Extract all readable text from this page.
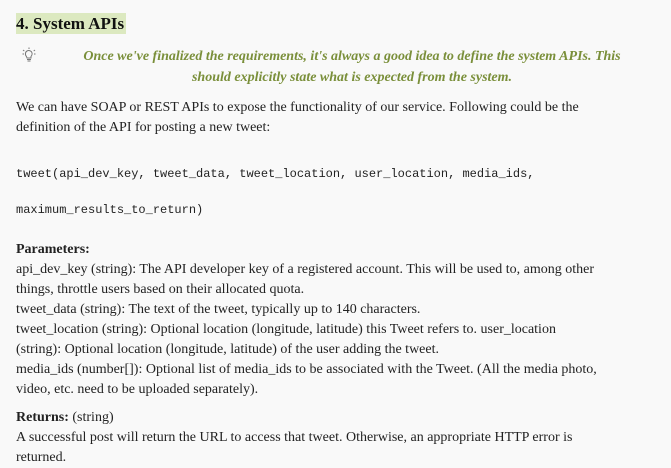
4. System APIs
Once we've finalized the requirements, it's always a good idea to define the system APIs. This
should explicitly state what is expected from the system.
We can have SOAP or REST APIs to expose the functionality of our service. Following could be the
definition of the API for posting a new tweet:

tweet(api_dev_key, tweet_data, tweet_location, user_location, media_ids,

maximum_results_to_return)

Parameters:
api_dev_key (string): The API developer key of a registered account. This will be used to, among other
things, throttle users based on their allocated quota.
tweet_data (string): The text of the tweet, typically up to 140 characters.
tweet_location (string): Optional location (longitude, latitude) this Tweet refers to. user_location
(string): Optional location (longitude, latitude) of the user adding the tweet.
media_ids (number[]): Optional list of media_ids to be associated with the Tweet. (All the media photo,
video, etc. need to be uploaded separately).
Returns: (string)
A successful post will return the URL to access that tweet. Otherwise, an appropriate HTTP error is
returned.
